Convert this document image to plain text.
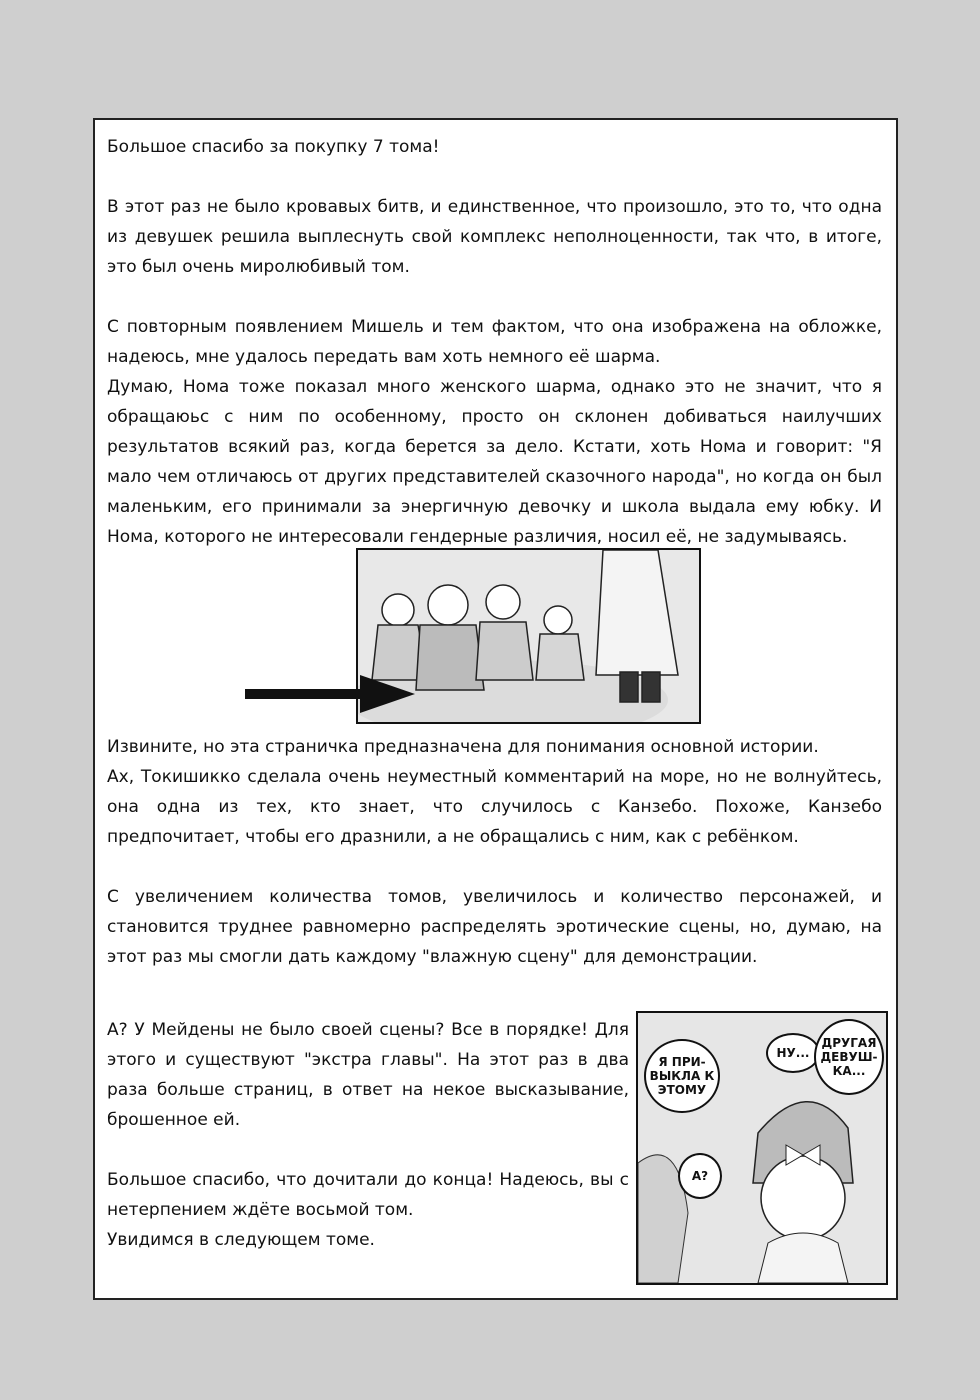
Большое спасибо за покупку 7 тома!

В этот раз не было кровавых битв, и единственное, что произошло, это то, что одна из девушек решила выплеснуть свой комплекс неполноценности, так что, в итоге, это был очень миролюбивый том.

С повторным появлением Мишель и тем фактом, что она изображена на обложке, надеюсь, мне удалось передать вам хоть немного её шарма.

Думаю, Нома тоже показал много женского шарма, однако это не значит, что я обращаюьс с ним по особенному, просто он склонен добиваться наилучших результатов всякий раз, когда берется за дело. Кстати, хоть Нома и говорит: "Я мало чем отличаюсь от других представителей сказочного народа", но когда он был маленьким, его принимали за энергичную девочку и школа выдала ему юбку. И Нома, которого не интересовали гендерные различия, носил её, не задумываясь.

Извините, но эта страничка предназначена для понимания основной истории.

Ах, Токишикко сделала очень неуместный комментарий на море, но не волнуйтесь, она одна из тех, кто знает, что случилось с Канзебо. Похоже, Канзебо предпочитает, чтобы его дразнили, а не обращались с ним, как с ребёнком.

С увеличением количества томов, увеличилось и количество персонажей, и становится труднее равномерно распределять эротические сцены, но, думаю, на этот раз мы смогли дать каждому "влажную сцену" для демонстрации.

А? У Мейдены не было своей сцены? Все в порядке! Для этого и существуют "экстра главы". На этот раз в два раза больше страниц, в ответ на некое высказывание, брошенное ей.

Большое спасибо, что дочитали до конца! Надеюсь, вы с нетерпением ждёте восьмой том.

Увидимся в следующем томе.

Я ПРИ-ВЫКЛА К ЭТОМУ
НУ...
ДРУГАЯ ДЕВУШ-КА...
А?
